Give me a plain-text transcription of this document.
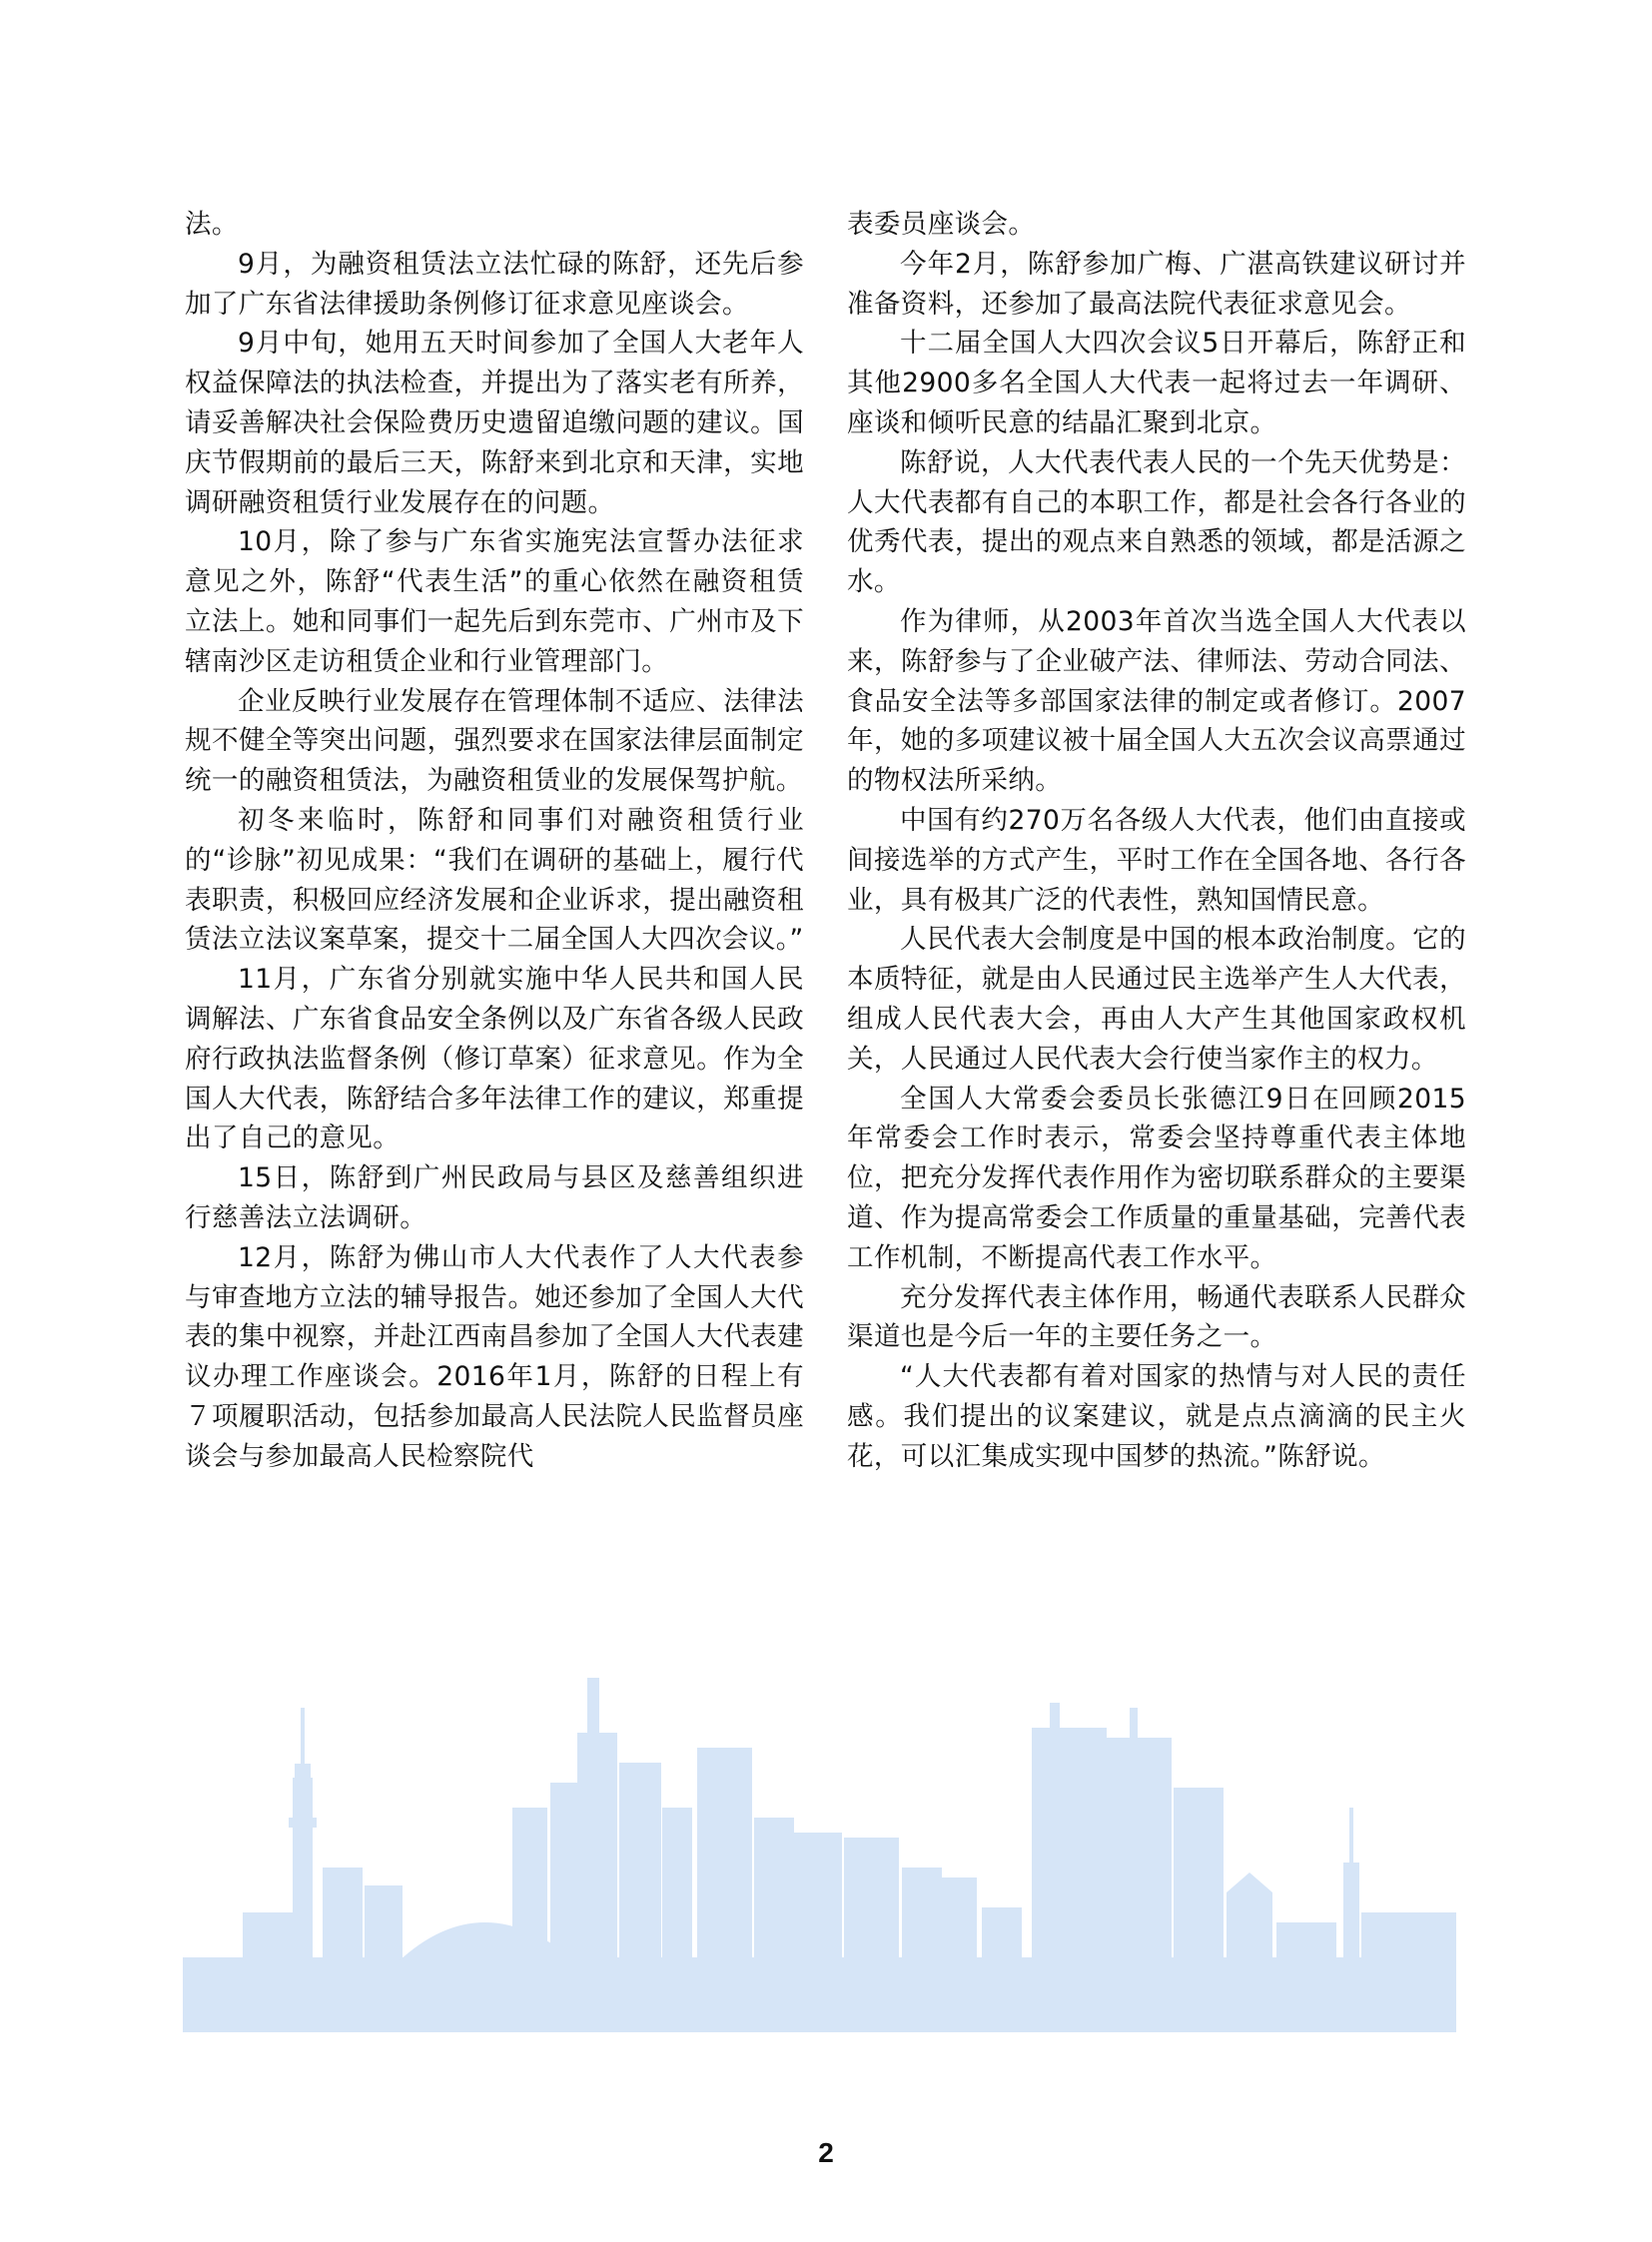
法。

9月，为融资租赁法立法忙碌的陈舒，还先后参加了广东省法律援助条例修订征求意见座谈会。

9月中旬，她用五天时间参加了全国人大老年人权益保障法的执法检查，并提出为了落实老有所养，请妥善解决社会保险费历史遗留追缴问题的建议。国庆节假期前的最后三天，陈舒来到北京和天津，实地调研融资租赁行业发展存在的问题。

10月，除了参与广东省实施宪法宣誓办法征求意见之外，陈舒“代表生活”的重心依然在融资租赁立法上。她和同事们一起先后到东莞市、广州市及下辖南沙区走访租赁企业和行业管理部门。

企业反映行业发展存在管理体制不适应、法律法规不健全等突出问题，强烈要求在国家法律层面制定统一的融资租赁法，为融资租赁业的发展保驾护航。

初冬来临时，陈舒和同事们对融资租赁行业的“诊脉”初见成果：“我们在调研的基础上，履行代表职责，积极回应经济发展和企业诉求，提出融资租赁法立法议案草案，提交十二届全国人大四次会议。”

11月，广东省分别就实施中华人民共和国人民调解法、广东省食品安全条例以及广东省各级人民政府行政执法监督条例（修订草案）征求意见。作为全国人大代表，陈舒结合多年法律工作的建议，郑重提出了自己的意见。

15日，陈舒到广州民政局与县区及慈善组织进行慈善法立法调研。

12月，陈舒为佛山市人大代表作了人大代表参与审查地方立法的辅导报告。她还参加了全国人大代表的集中视察，并赴江西南昌参加了全国人大代表建议办理工作座谈会。2016年1月，陈舒的日程上有７项履职活动，包括参加最高人民法院人民监督员座谈会与参加最高人民检察院代

表委员座谈会。

今年2月，陈舒参加广梅、广湛高铁建议研讨并准备资料，还参加了最高法院代表征求意见会。

十二届全国人大四次会议5日开幕后，陈舒正和其他2900多名全国人大代表一起将过去一年调研、座谈和倾听民意的结晶汇聚到北京。

陈舒说，人大代表代表人民的一个先天优势是：人大代表都有自己的本职工作，都是社会各行各业的优秀代表，提出的观点来自熟悉的领域，都是活源之水。

作为律师，从2003年首次当选全国人大代表以来，陈舒参与了企业破产法、律师法、劳动合同法、食品安全法等多部国家法律的制定或者修订。2007年，她的多项建议被十届全国人大五次会议高票通过的物权法所采纳。

中国有约270万名各级人大代表，他们由直接或间接选举的方式产生，平时工作在全国各地、各行各业，具有极其广泛的代表性，熟知国情民意。

人民代表大会制度是中国的根本政治制度。它的本质特征，就是由人民通过民主选举产生人大代表，组成人民代表大会，再由人大产生其他国家政权机关，人民通过人民代表大会行使当家作主的权力。

全国人大常委会委员长张德江9日在回顾2015年常委会工作时表示，常委会坚持尊重代表主体地位，把充分发挥代表作用作为密切联系群众的主要渠道、作为提高常委会工作质量的重量基础，完善代表工作机制，不断提高代表工作水平。

充分发挥代表主体作用，畅通代表联系人民群众渠道也是今后一年的主要任务之一。

“人大代表都有着对国家的热情与对人民的责任感。我们提出的议案建议，就是点点滴滴的民主火花，可以汇集成实现中国梦的热流。”陈舒说。

2
